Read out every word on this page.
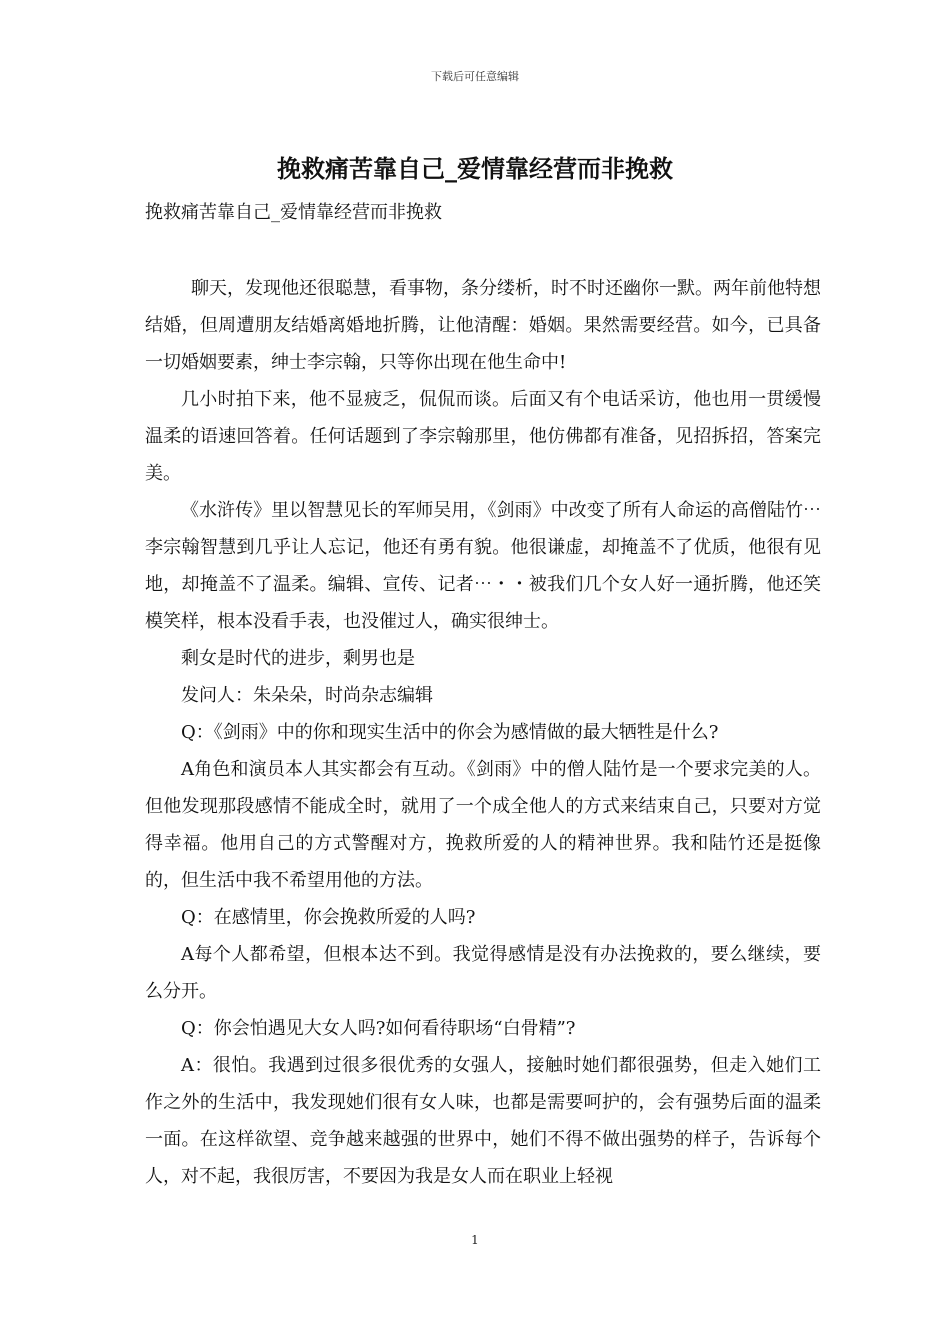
下载后可任意编辑
挽救痛苦靠自己_爱情靠经营而非挽救

挽救痛苦靠自己_爱情靠经营而非挽救

聊天，发现他还很聪慧，看事物，条分缕析，时不时还幽你一默。两年前他特想结婚，但周遭朋友结婚离婚地折腾，让他清醒：婚姻。果然需要经营。如今，已具备一切婚姻要素，绅士李宗翰，只等你出现在他生命中!

几小时拍下来，他不显疲乏，侃侃而谈。后面又有个电话采访，他也用一贯缓慢温柔的语速回答着。任何话题到了李宗翰那里，他仿佛都有准备，见招拆招，答案完美。

《水浒传》里以智慧见长的军师吴用，《剑雨》中改变了所有人命运的高僧陆竹⋯李宗翰智慧到几乎让人忘记，他还有勇有貌。他很谦虚，却掩盖不了优质，他很有见地，却掩盖不了温柔。编辑、宣传、记者⋯・・被我们几个女人好一通折腾，他还笑模笑样，根本没看手表，也没催过人，确实很绅士。

剩女是时代的进步，剩男也是

发问人：朱朵朵，时尚杂志编辑

Q：《剑雨》中的你和现实生活中的你会为感情做的最大牺牲是什么?

A角色和演员本人其实都会有互动。《剑雨》中的僧人陆竹是一个要求完美的人。但他发现那段感情不能成全时，就用了一个成全他人的方式来结束自己，只要对方觉得幸福。他用自己的方式警醒对方，挽救所爱的人的精神世界。我和陆竹还是挺像的，但生活中我不希望用他的方法。

Q：在感情里，你会挽救所爱的人吗?

A每个人都希望，但根本达不到。我觉得感情是没有办法挽救的，要么继续，要么分开。

Q：你会怕遇见大女人吗?如何看待职场“白骨精”?

A：很怕。我遇到过很多很优秀的女强人，接触时她们都很强势，但走入她们工作之外的生活中，我发现她们很有女人味，也都是需要呵护的，会有强势后面的温柔一面。在这样欲望、竞争越来越强的世界中，她们不得不做出强势的样子，告诉每个人，对不起，我很厉害，不要因为我是女人而在职业上轻视

1
